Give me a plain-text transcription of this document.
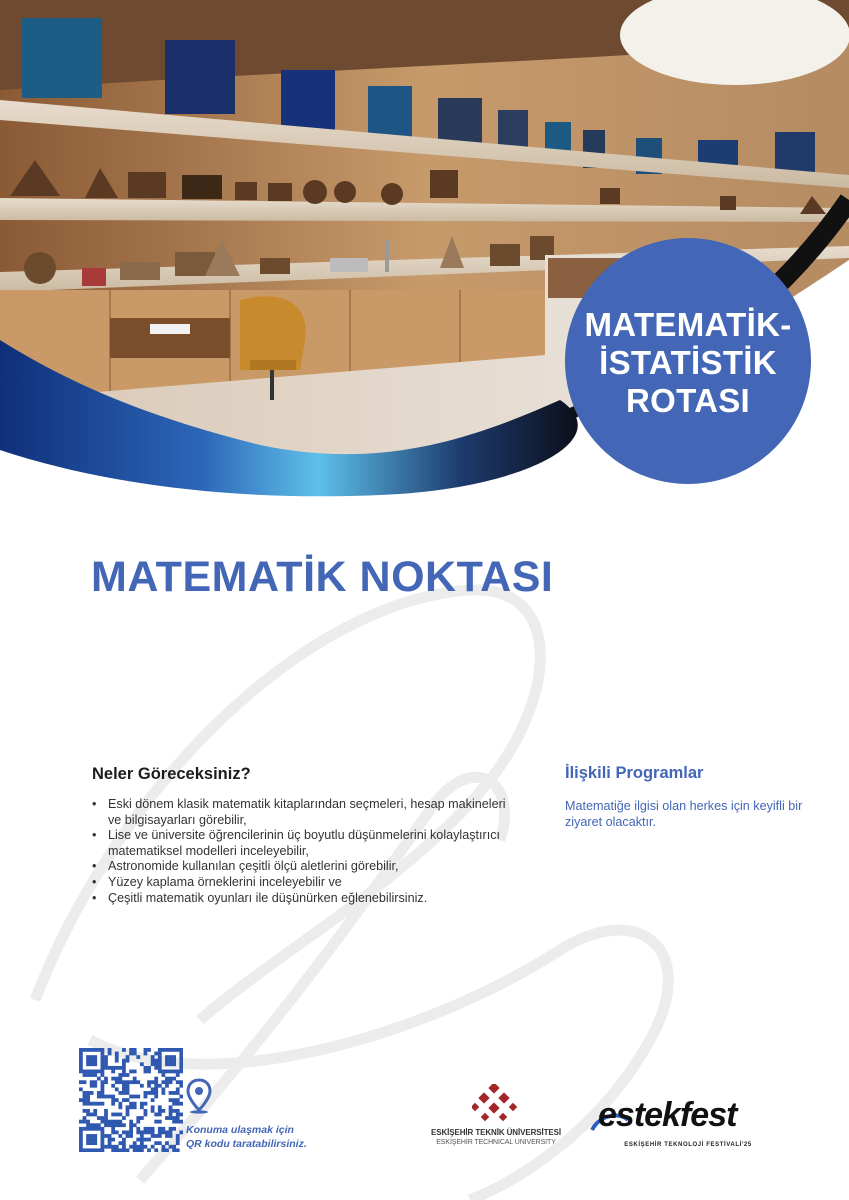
MATEMATİK-
İSTATİSTİK
ROTASI
MATEMATİK NOKTASI
Neler Göreceksiniz?
• Eski dönem klasik matematik kitaplarından seçmeleri, hesap makineleri ve bilgisayarları görebilir,
• Lise ve üniversite öğrencilerinin üç boyutlu düşünmelerini kolaylaştırıcı matematiksel modelleri inceleyebilir,
• Astronomide kullanılan çeşitli ölçü aletlerini görebilir,
• Yüzey kaplama örneklerini inceleyebilir ve
• Çeşitli matematik oyunları ile düşünürken eğlenebilirsiniz.
İlişkili Programlar
Matematiğe ilgisi olan herkes için keyifli bir ziyaret olacaktır.
Konuma ulaşmak için
QR kodu taratabilirsiniz.
ESKİŞEHİR TEKNİK ÜNİVERSİTESİ
ESKİŞEHİR TECHNICAL UNIVERSITY
estekfest
ESKİŞEHİR TEKNOLOJİ FESTİVALİ'25
